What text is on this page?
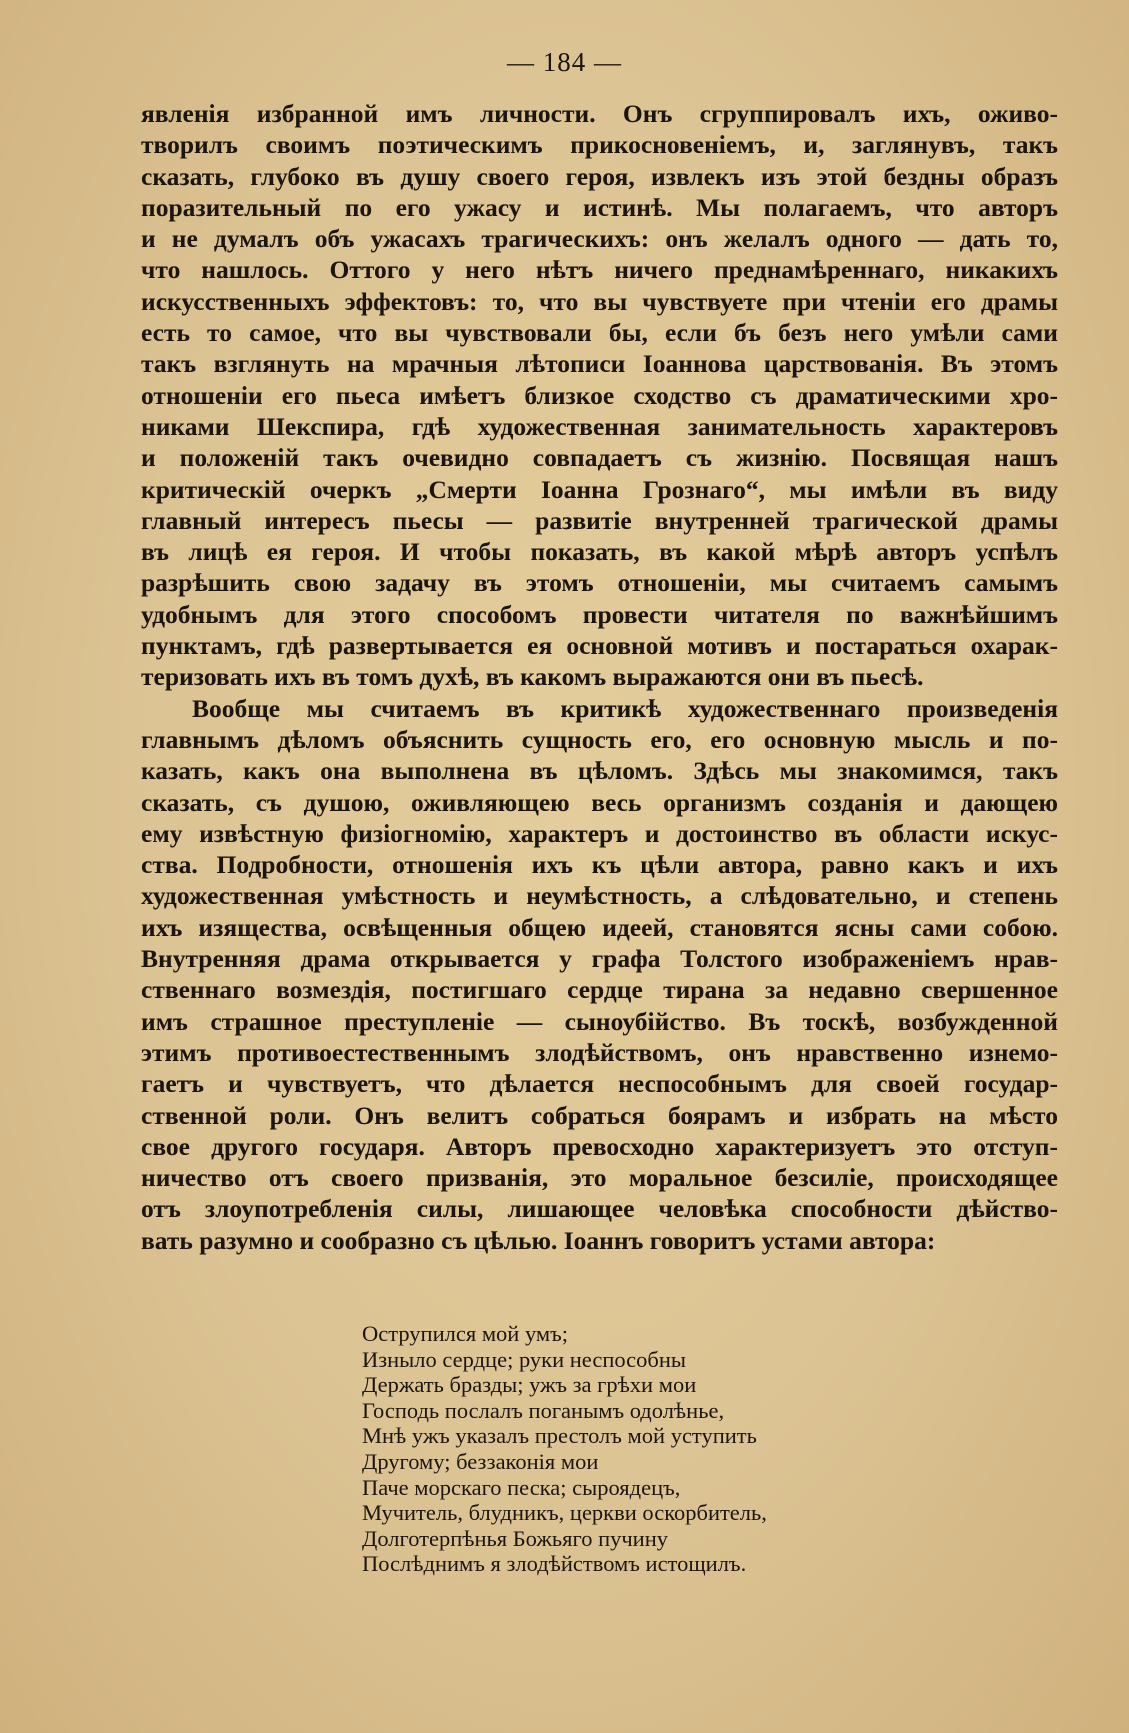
— 184 —
явленія избранной имъ личности. Онъ сгруппировалъ ихъ, оживо-
творилъ своимъ поэтическимъ прикосновеніемъ, и, заглянувъ, такъ
сказать, глубоко въ душу своего героя, извлекъ изъ этой бездны образъ
поразительный по его ужасу и истинѣ. Мы полагаемъ, что авторъ
и не думалъ объ ужасахъ трагическихъ: онъ желалъ одного — дать то,
что нашлось. Оттого у него нѣтъ ничего преднамѣреннаго, никакихъ
искусственныхъ эффектовъ: то, что вы чувствуете при чтеніи его драмы
есть то самое, что вы чувствовали бы, если бъ безъ него умѣли сами
такъ взглянуть на мрачныя лѣтописи Іоаннова царствованія. Въ этомъ
отношеніи его пьеса имѣетъ близкое сходство съ драматическими хро-
никами Шекспира, гдѣ художественная занимательность характеровъ
и положеній такъ очевидно совпадаетъ съ жизнію. Посвящая нашъ
критическій очеркъ „Смерти Іоанна Грознаго“, мы имѣли въ виду
главный интересъ пьесы — развитіе внутренней трагической драмы
въ лицѣ ея героя. И чтобы показать, въ какой мѣрѣ авторъ успѣлъ
разрѣшить свою задачу въ этомъ отношеніи, мы считаемъ самымъ
удобнымъ для этого способомъ провести читателя по важнѣйшимъ
пунктамъ, гдѣ развертывается ея основной мотивъ и постараться охарак-
теризовать ихъ въ томъ духѣ, въ какомъ выражаются они въ пьесѣ.
Вообще мы считаемъ въ критикѣ художественнаго произведенія
главнымъ дѣломъ объяснить сущность его, его основную мысль и по-
казать, какъ она выполнена въ цѣломъ. Здѣсь мы знакомимся, такъ
сказать, съ душою, оживляющею весь организмъ созданія и дающею
ему извѣстную физіогномію, характеръ и достоинство въ области искус-
ства. Подробности, отношенія ихъ къ цѣли автора, равно какъ и ихъ
художественная умѣстность и неумѣстность, а слѣдовательно, и степень
ихъ изящества, освѣщенныя общею идеей, становятся ясны сами собою.
Внутренняя драма открывается у графа Толстого изображеніемъ нрав-
ственнаго возмездія, постигшаго сердце тирана за недавно свершенное
имъ страшное преступленіе — сыноубійство. Въ тоскѣ, возбужденной
этимъ противоестественнымъ злодѣйствомъ, онъ нравственно изнемо-
гаетъ и чувствуетъ, что дѣлается неспособнымъ для своей государ-
ственной роли. Онъ велитъ собраться боярамъ и избрать на мѣсто
свое другого государя. Авторъ превосходно характеризуетъ это отступ-
ничество отъ своего призванія, это моральное безсиліе, происходящее
отъ злоупотребленія силы, лишающее человѣка способности дѣйство-
вать разумно и сообразно съ цѣлью. Іоаннъ говоритъ устами автора:
Острупился мой умъ;
Изныло сердце; руки неспособны
Держать бразды; ужъ за грѣхи мои
Господь послалъ поганымъ одолѣнье,
Мнѣ ужъ указалъ престолъ мой уступить
Другому; беззаконія мои
Паче морскаго песка; сыроядецъ,
Мучитель, блудникъ, церкви оскорбитель,
Долготерпѣнья Божьяго пучину
Послѣднимъ я злодѣйствомъ истощилъ.
